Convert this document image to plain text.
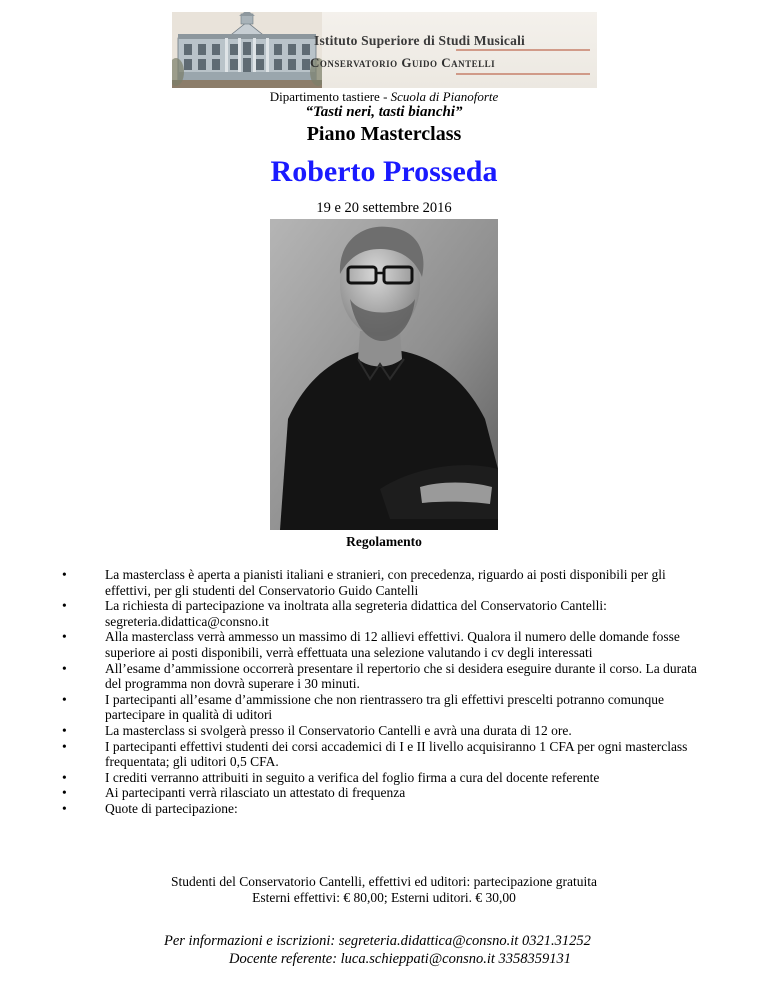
Istituto Superiore di Studi Musicali
Conservatorio Guido Cantelli
Dipartimento tastiere - Scuola di Pianoforte
“Tasti neri, tasti bianchi”
Piano Masterclass
Roberto Prosseda
19 e 20 settembre 2016
Regolamento
•	La masterclass è aperta a pianisti italiani e stranieri, con precedenza, riguardo ai posti disponibili per gli effettivi, per gli studenti del Conservatorio Guido Cantelli
•	La richiesta di partecipazione va inoltrata alla segreteria didattica del Conservatorio Cantelli: segreteria.didattica@consno.it
•	Alla masterclass verrà ammesso un massimo di 12 allievi effettivi. Qualora il numero delle domande fosse superiore ai posti disponibili, verrà effettuata una selezione valutando i cv degli interessati
•	All’esame d’ammissione occorrerà presentare il repertorio che si desidera eseguire durante il corso. La durata del programma non dovrà superare i 30 minuti.
•	I partecipanti all’esame d’ammissione che non rientrassero tra gli effettivi prescelti potranno comunque partecipare in qualità di uditori
•	La masterclass si svolgerà presso il Conservatorio Cantelli e avrà una durata di 12 ore.
•	I partecipanti effettivi studenti dei corsi accademici di I e II livello acquisiranno 1 CFA per ogni masterclass frequentata; gli uditori 0,5 CFA.
•	I crediti verranno attribuiti in seguito a verifica del foglio firma a cura del docente referente
•	Ai partecipanti verrà rilasciato un attestato di frequenza
•	Quote di partecipazione:
Studenti del Conservatorio Cantelli, effettivi ed uditori: partecipazione gratuita
Esterni effettivi: € 80,00; Esterni uditori. € 30,00
Per informazioni e iscrizioni: segreteria.didattica@consno.it 0321.31252
Docente referente: luca.schieppati@consno.it 3358359131
